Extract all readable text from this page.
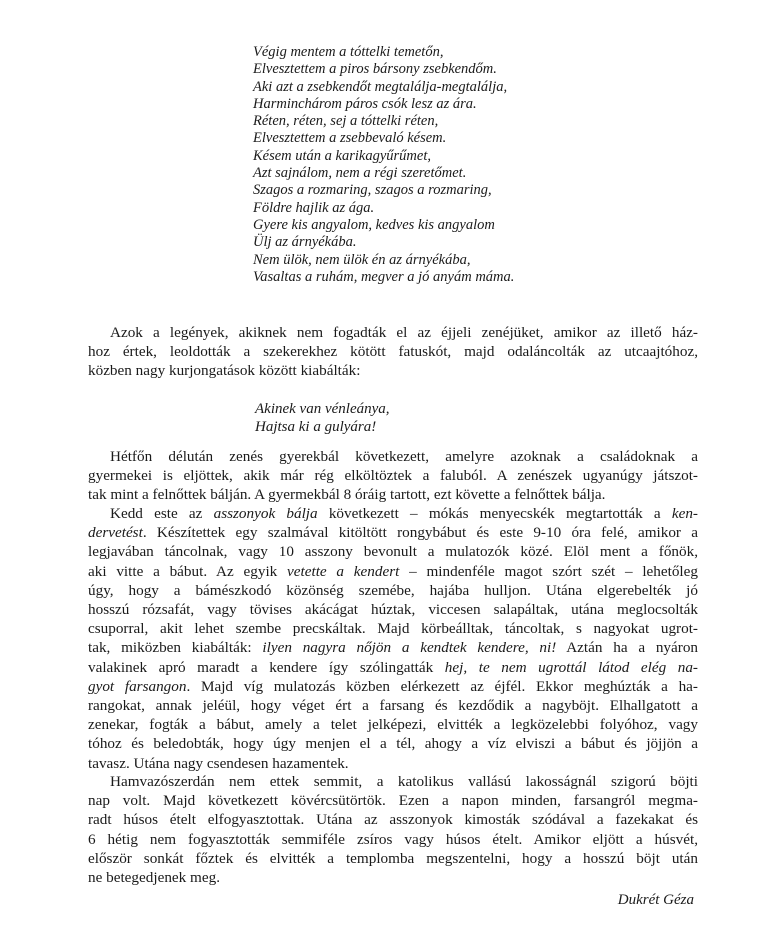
Végig mentem a tóttelki temetőn,
Elvesztettem a piros bársony zsebkendőm.
Aki azt a zsebkendőt megtalálja-megtalálja,
Harminchárom páros csók lesz az ára.
Réten, réten, sej a tóttelki réten,
Elvesztettem a zsebbevaló késem.
Késem után a karikagyűrűmet,
Azt sajnálom, nem a régi szeretőmet.
Szagos a rozmaring, szagos a rozmaring,
Földre hajlik az ága.
Gyere kis angyalom, kedves kis angyalom
Ülj az árnyékába.
Nem ülök, nem ülök én az árnyékába,
Vasaltas a ruhám, megver a jó anyám máma.
Azok a legények, akiknek nem fogadták el az éjjeli zenéjüket, amikor az illető ház-
hoz értek, leoldották a szekerekhez kötött fatuskót, majd odaláncolták az utcaajtóhoz,
közben nagy kurjongatások között kiabálták:
Akinek van vénleánya,
Hajtsa ki a gulyára!
Hétfőn délután zenés gyerekbál következett, amelyre azoknak a családoknak a
gyermekei is eljöttek, akik már rég elköltöztek a faluból. A zenészek ugyanúgy játszot-
tak mint a felnőttek bálján. A gyermekbál 8 óráig tartott, ezt követte a felnőttek bálja.
Kedd este az asszonyok bálja következett – mókás menyecskék megtartották a ken-
dervetést. Készítettek egy szalmával kitöltött rongybábut és este 9-10 óra felé, amikor a
legjavában táncolnak, vagy 10 asszony bevonult a mulatozók közé. Elöl ment a főnök,
aki vitte a bábut. Az egyik vetette a kendert – mindenféle magot szórt szét – lehetőleg
úgy, hogy a bámészkodó közönség szemébe, hajába hulljon. Utána elgerebelték jó
hosszú rózsafát, vagy tövises akácágat húztak, viccesen salapáltak, utána meglocsolták
csuporral, akit lehet szembe precskáltak. Majd körbeálltak, táncoltak, s nagyokat ugrot-
tak, miközben kiabálták: ilyen nagyra nőjön a kendtek kendere, ni! Aztán ha a nyáron
valakinek apró maradt a kendere így szólingatták hej, te nem ugrottál látod elég na-
gyot farsangon. Majd víg mulatozás közben elérkezett az éjfél. Ekkor meghúzták a ha-
rangokat, annak jeléül, hogy véget ért a farsang és kezdődik a nagyböjt. Elhallgatott a
zenekar, fogták a bábut, amely a telet jelképezi, elvitték a legközelebbi folyóhoz, vagy
tóhoz és beledobták, hogy úgy menjen el a tél, ahogy a víz elviszi a bábut és jöjjön a
tavasz. Utána nagy csendesen hazamentek.
Hamvazószerdán nem ettek semmit, a katolikus vallású lakosságnál szigorú böjti
nap volt. Majd következett kövércsütörtök. Ezen a napon minden, farsangról megma-
radt húsos ételt elfogyasztottak. Utána az asszonyok kimosták szódával a fazekakat és
6 hétig nem fogyasztották semmiféle zsíros vagy húsos ételt. Amikor eljött a húsvét,
először sonkát főztek és elvitték a templomba megszentelni, hogy a hosszú böjt után
ne betegedjenek meg.
Dukrét Géza
